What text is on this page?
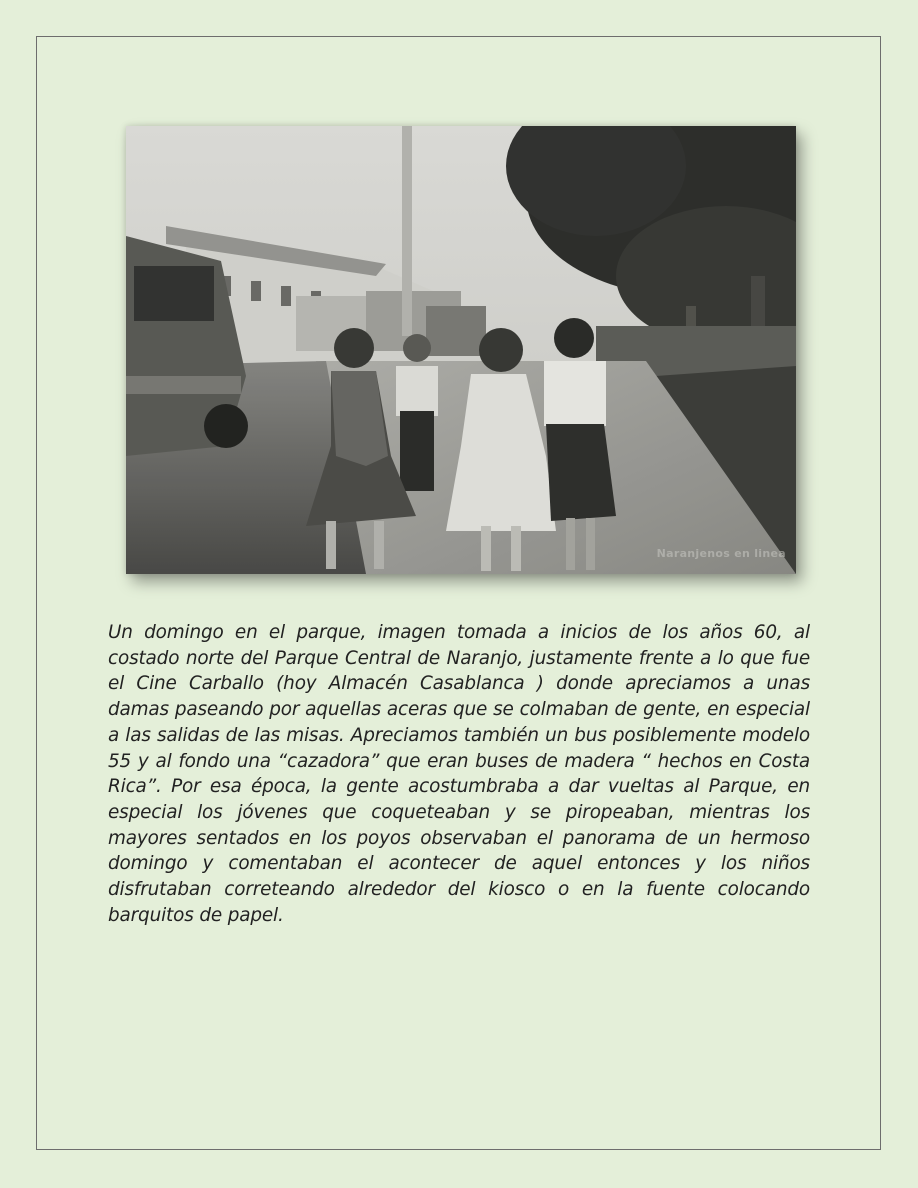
Naranjenos en linea

Un domingo en el parque, imagen tomada a inicios de los años 60, al costado norte del Parque Central de Naranjo, justamente frente a lo que fue el Cine Carballo (hoy Almacén Casablanca ) donde apreciamos a unas damas paseando por aquellas aceras que se colmaban de gente, en especial a las salidas de las misas. Apreciamos también un bus posiblemente modelo 55 y al fondo una “cazadora” que eran buses de madera “ hechos en Costa Rica”. Por esa época, la gente acostumbraba a dar vueltas al Parque, en especial los jóvenes que coqueteaban y se piropeaban, mientras los mayores sentados en los poyos observaban el panorama de un hermoso domingo y comentaban el acontecer de aquel entonces y los niños disfrutaban correteando alrededor del kiosco o en la fuente colocando barquitos de papel.
